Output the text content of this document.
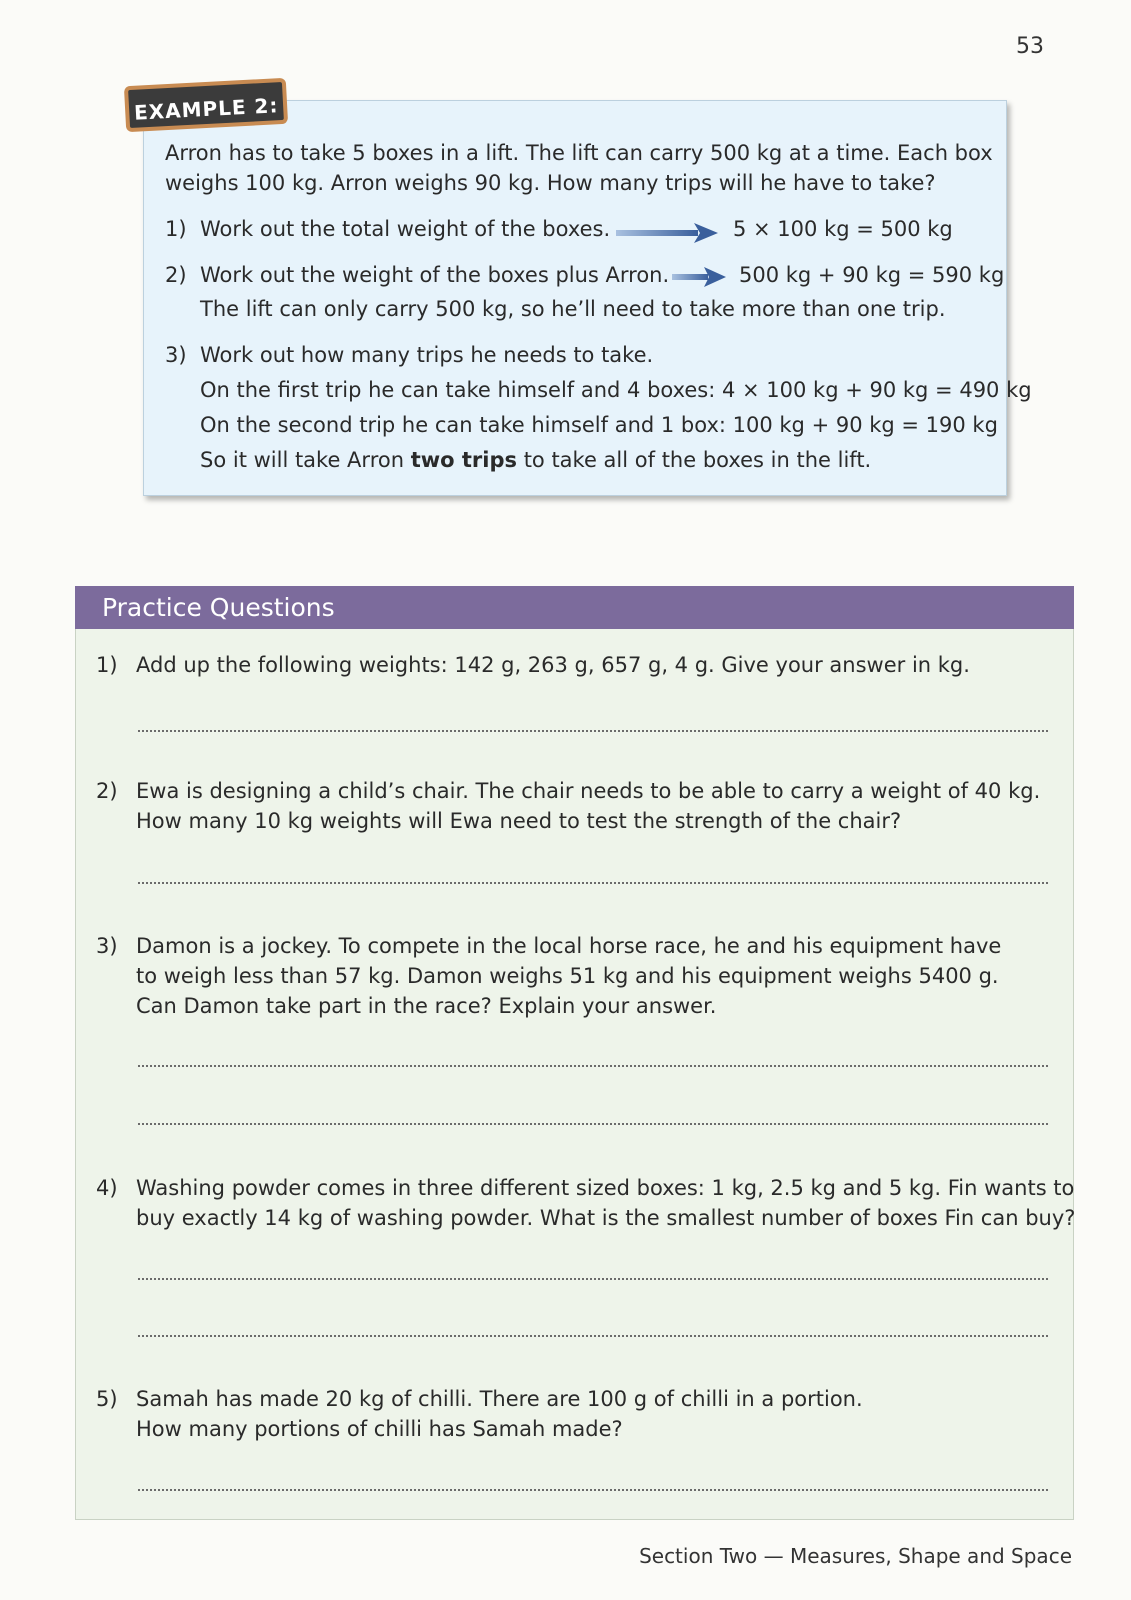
53
EXAMPLE 2:
Arron has to take 5 boxes in a lift. The lift can carry 500 kg at a time. Each box
weighs 100 kg. Arron weighs 90 kg. How many trips will he have to take?
1) Work out the total weight of the boxes.	5 × 100 kg = 500 kg
2) Work out the weight of the boxes plus Arron.	500 kg + 90 kg = 590 kg
The lift can only carry 500 kg, so he’ll need to take more than one trip.
3) Work out how many trips he needs to take.
On the first trip he can take himself and 4 boxes: 4 × 100 kg + 90 kg = 490 kg
On the second trip he can take himself and 1 box: 100 kg + 90 kg = 190 kg
So it will take Arron two trips to take all of the boxes in the lift.
Practice Questions
1) Add up the following weights: 142 g, 263 g, 657 g, 4 g. Give your answer in kg.
2) Ewa is designing a child’s chair. The chair needs to be able to carry a weight of 40 kg.
How many 10 kg weights will Ewa need to test the strength of the chair?
3) Damon is a jockey. To compete in the local horse race, he and his equipment have
to weigh less than 57 kg. Damon weighs 51 kg and his equipment weighs 5400 g.
Can Damon take part in the race? Explain your answer.
4) Washing powder comes in three different sized boxes: 1 kg, 2.5 kg and 5 kg. Fin wants to
buy exactly 14 kg of washing powder. What is the smallest number of boxes Fin can buy?
5) Samah has made 20 kg of chilli. There are 100 g of chilli in a portion.
How many portions of chilli has Samah made?
Section Two — Measures, Shape and Space
